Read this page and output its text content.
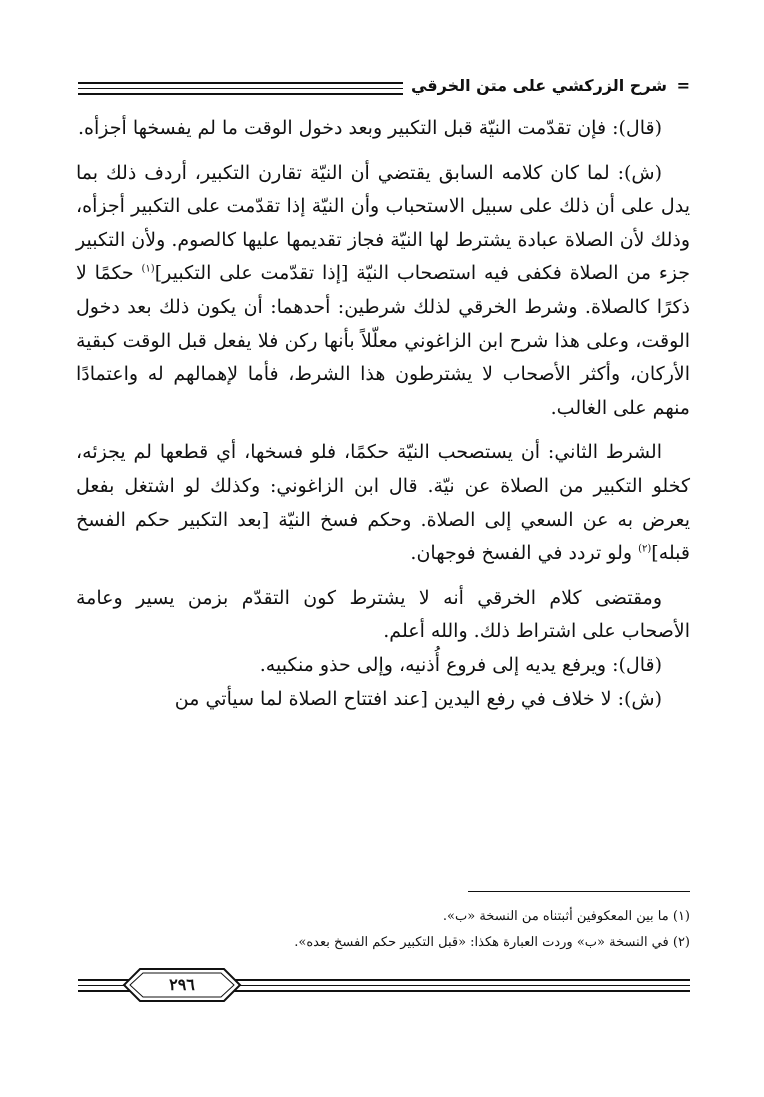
= شرح الزركشي على متن الخرقي

(قال): فإن تقدّمت النيّة قبل التكبير وبعد دخول الوقت ما لم يفسخها أجزأه.

(ش): لما كان كلامه السابق يقتضي أن النيّة تقارن التكبير، أردف ذلك بما يدل على أن ذلك على سبيل الاستحباب وأن النيّة إذا تقدّمت على التكبير أجزأه، وذلك لأن الصلاة عبادة يشترط لها النيّة فجاز تقديمها عليها كالصوم. ولأن التكبير جزء من الصلاة فكفى فيه استصحاب النيّة [إذا تقدّمت على التكبير]$^{(١)}$ حكمًا لا ذكرًا كالصلاة. وشرط الخرقي لذلك شرطين: أحدهما: أن يكون ذلك بعد دخول الوقت، وعلى هذا شرح ابن الزاغوني معلّلاً بأنها ركن فلا يفعل قبل الوقت كبقية الأركان، وأكثر الأصحاب لا يشترطون هذا الشرط، فأما لإهمالهم له واعتمادًا منهم على الغالب.

الشرط الثاني: أن يستصحب النيّة حكمًا، فلو فسخها، أي قطعها لم يجزئه، كخلو التكبير من الصلاة عن نيّة. قال ابن الزاغوني: وكذلك لو اشتغل بفعل يعرض به عن السعي إلى الصلاة. وحكم فسخ النيّة [بعد التكبير حكم الفسخ قبله]$^{(٢)}$ ولو تردد في الفسخ فوجهان.

ومقتضى كلام الخرقي أنه لا يشترط كون التقدّم بزمن يسير وعامة الأصحاب على اشتراط ذلك. والله أعلم.

(قال): ويرفع يديه إلى فروع أُذنيه، وإلى حذو منكبيه.

(ش): لا خلاف في رفع اليدين [عند افتتاح الصلاة لما سيأتي من

(١) ما بين المعكوفين أثبتناه من النسخة «ب».
(٢) في النسخة «ب» وردت العبارة هكذا: «قبل التكبير حكم الفسخ بعده».
٢٩٦
